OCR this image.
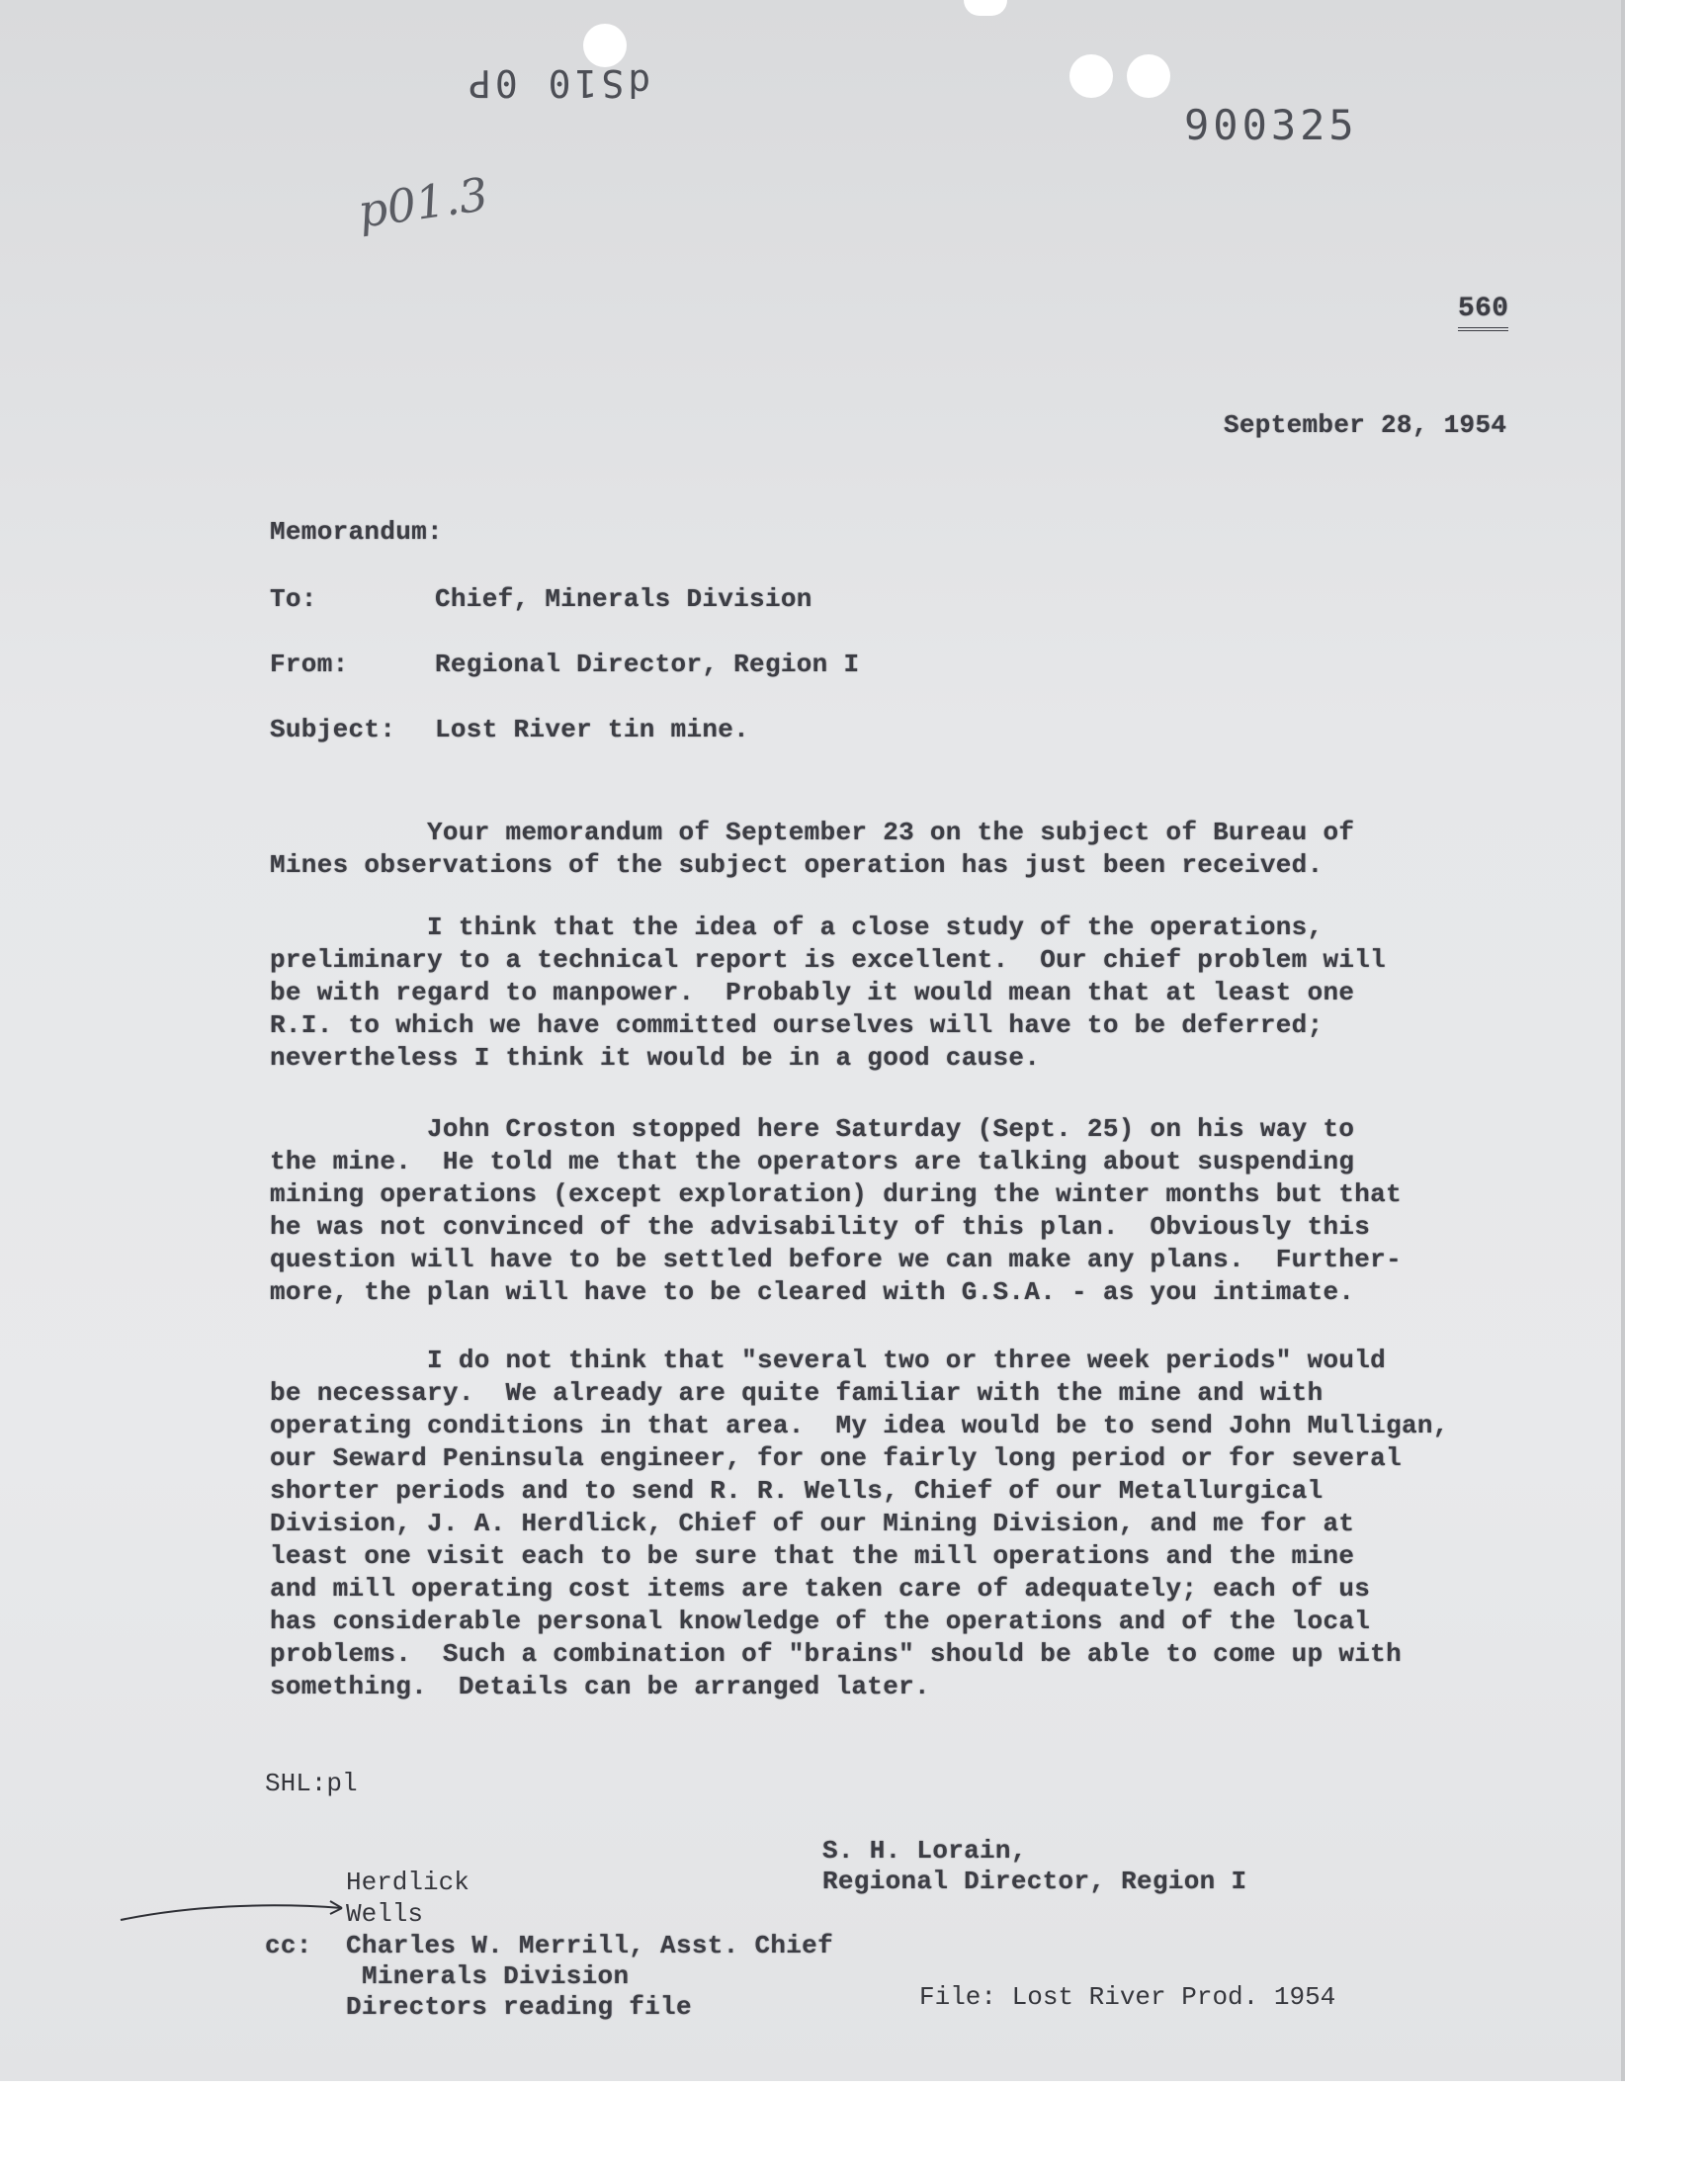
dS10 0P
900325
p01.3
560
September 28, 1954
Memorandum:
To:	Chief, Minerals Division
From:	Regional Director, Region I
Subject: Lost River tin mine.
Your memorandum of September 23 on the subject of Bureau of
Mines observations of the subject operation has just been received.
I think that the idea of a close study of the operations,
preliminary to a technical report is excellent.  Our chief problem will
be with regard to manpower.  Probably it would mean that at least one
R.I. to which we have committed ourselves will have to be deferred;
nevertheless I think it would be in a good cause.
John Croston stopped here Saturday (Sept. 25) on his way to
the mine.  He told me that the operators are talking about suspending
mining operations (except exploration) during the winter months but that
he was not convinced of the advisability of this plan.  Obviously this
question will have to be settled before we can make any plans.  Further-
more, the plan will have to be cleared with G.S.A. - as you intimate.
I do not think that "several two or three week periods" would
be necessary.  We already are quite familiar with the mine and with
operating conditions in that area.  My idea would be to send John Mulligan,
our Seward Peninsula engineer, for one fairly long period or for several
shorter periods and to send R. R. Wells, Chief of our Metallurgical
Division, J. A. Herdlick, Chief of our Mining Division, and me for at
least one visit each to be sure that the mill operations and the mine
and mill operating cost items are taken care of adequately; each of us
has considerable personal knowledge of the operations and of the local
problems.  Such a combination of "brains" should be able to come up with
something.  Details can be arranged later.
SHL:pl
S. H. Lorain,
Regional Director, Region I
Herdlick
Wells
cc: Charles W. Merrill, Asst. Chief
Minerals Division
Directors reading file	File: Lost River Prod. 1954
